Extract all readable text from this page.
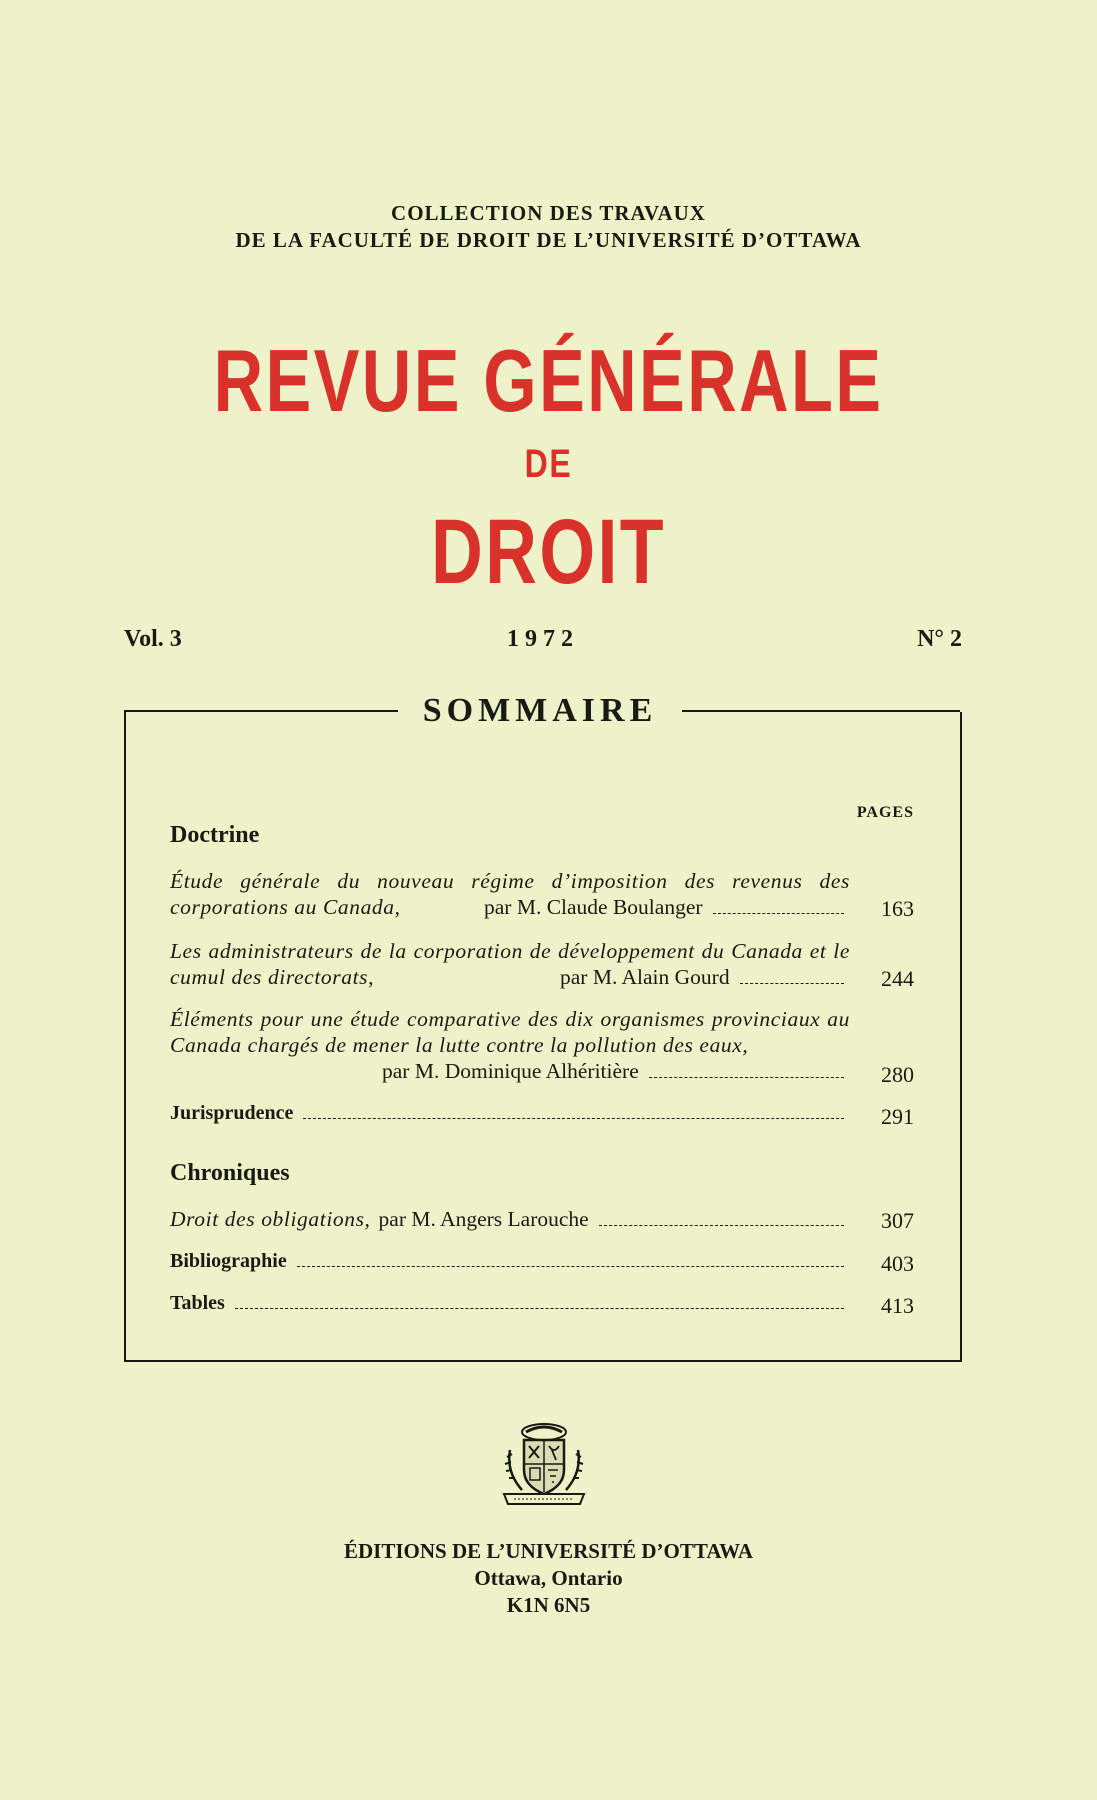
COLLECTION DES TRAVAUX
DE LA FACULTÉ DE DROIT DE L’UNIVERSITÉ D’OTTAWA
REVUE GÉNÉRALE
DE
DROIT
Vol. 3	1972	N° 2
SOMMAIRE
PAGES
Doctrine
Étude générale du nouveau régime d’imposition des revenus des corporations au Canada,	par M. Claude Boulanger	163
Les administrateurs de la corporation de développement du Canada et le cumul des directorats,	par M. Alain Gourd	244
Éléments pour une étude comparative des dix organismes provinciaux au Canada chargés de mener la lutte contre la pollution des eaux,
par M. Dominique Alhéritière	280
Jurisprudence	291
Chroniques
Droit des obligations, par M. Angers Larouche	307
Bibliographie	403
Tables	413
ÉDITIONS DE L’UNIVERSITÉ D’OTTAWA
Ottawa, Ontario
K1N 6N5
